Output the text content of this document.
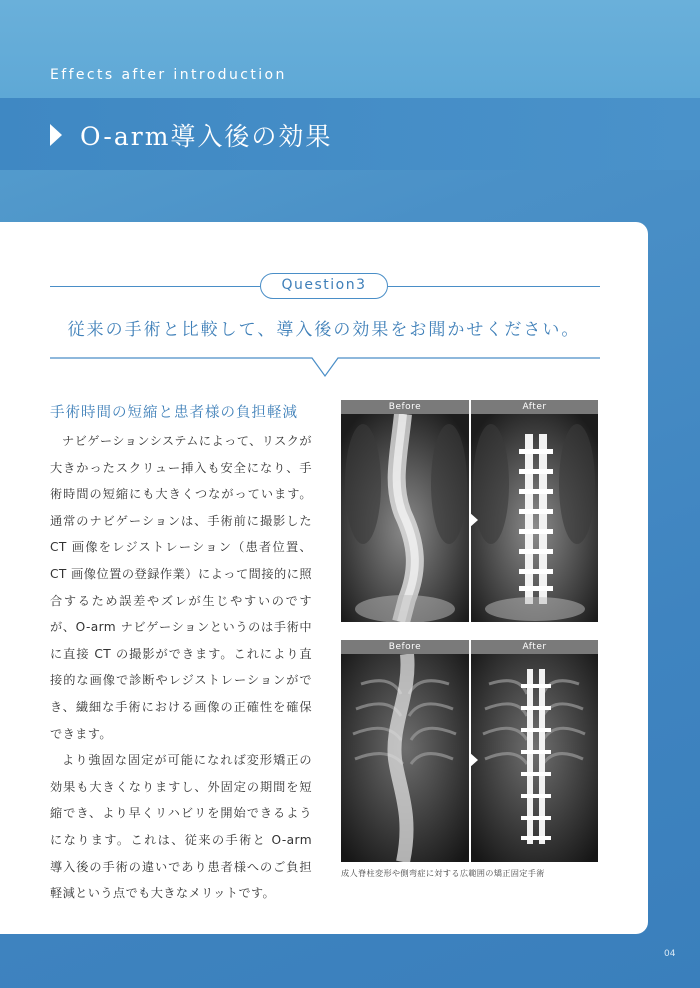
Effects after introduction
O-arm導入後の効果
Question3
従来の手術と比較して、導入後の効果をお聞かせください。
手術時間の短縮と患者様の負担軽減

ナビゲーションシステムによって、リスクが大きかったスクリュー挿入も安全になり、手術時間の短縮にも大きくつながっています。通常のナビゲーションは、手術前に撮影した CT 画像をレジストレーション（患者位置、CT 画像位置の登録作業）によって間接的に照合するため誤差やズレが生じやすいのですが、O-arm ナビゲーションというのは手術中に直接 CT の撮影ができます。これにより直接的な画像で診断やレジストレーションができ、繊細な手術における画像の正確性を確保できます。

より強固な固定が可能になれば変形矯正の効果も大きくなりますし、外固定の期間を短縮でき、より早くリハビリを開始できるようになります。これは、従来の手術と O-arm 導入後の手術の違いであり患者様へのご負担軽減という点でも大きなメリットです。

Before	After
Before	After
成人脊柱変形や側弯症に対する広範囲の矯正固定手術
04
